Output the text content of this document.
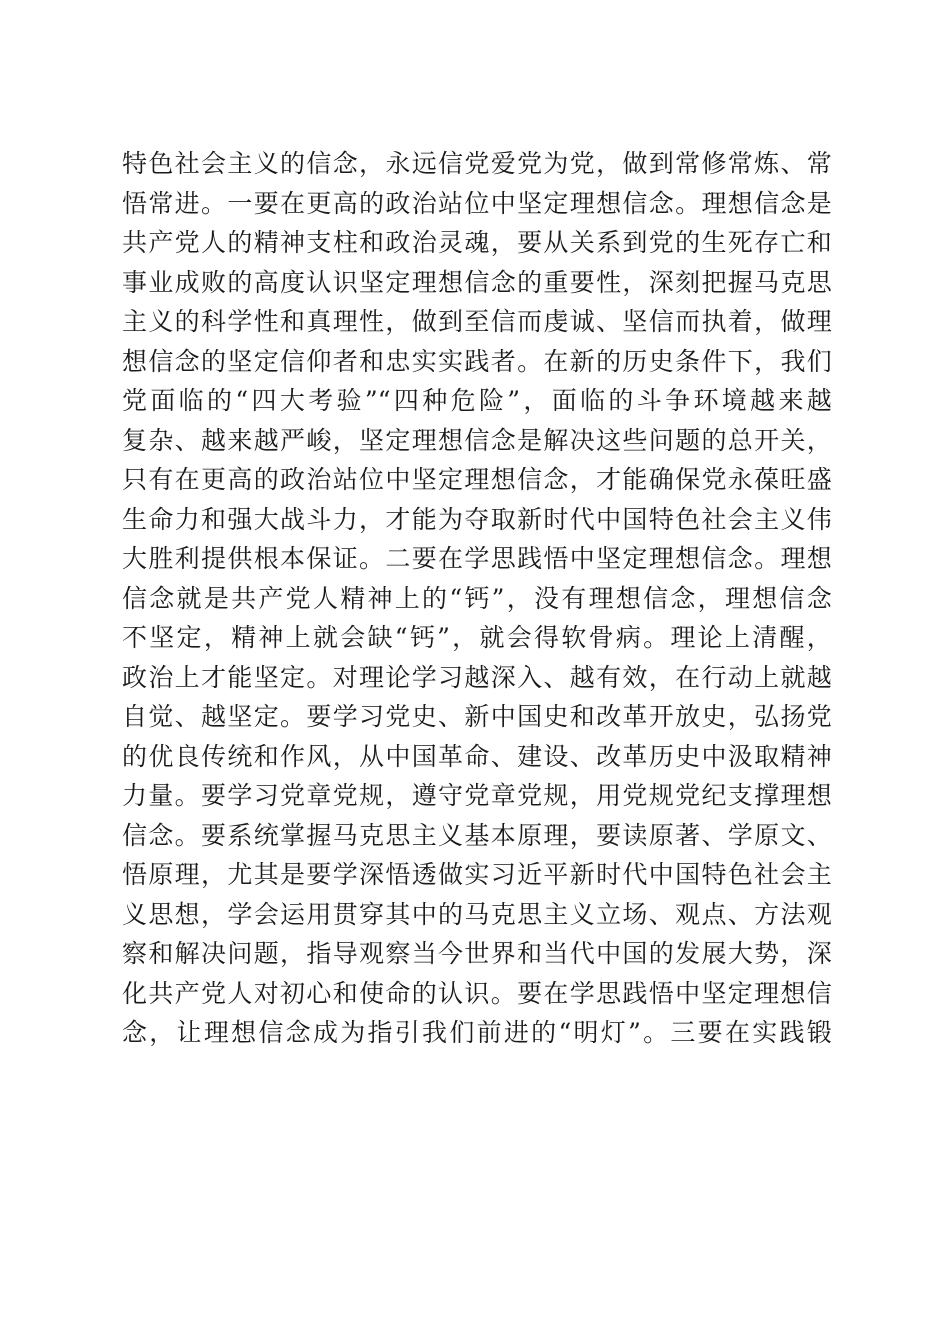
特色社会主义的信念，永远信党爱党为党，做到常修常炼、常
悟常进。一要在更高的政治站位中坚定理想信念。理想信念是
共产党人的精神支柱和政治灵魂，要从关系到党的生死存亡和
事业成败的高度认识坚定理想信念的重要性，深刻把握马克思
主义的科学性和真理性，做到至信而虔诚、坚信而执着，做理
想信念的坚定信仰者和忠实实践者。在新的历史条件下，我们
党面临的“四大考验”“四种危险”，面临的斗争环境越来越
复杂、越来越严峻，坚定理想信念是解决这些问题的总开关，
只有在更高的政治站位中坚定理想信念，才能确保党永葆旺盛
生命力和强大战斗力，才能为夺取新时代中国特色社会主义伟
大胜利提供根本保证。二要在学思践悟中坚定理想信念。理想
信念就是共产党人精神上的“钙”，没有理想信念，理想信念
不坚定，精神上就会缺“钙”，就会得软骨病。理论上清醒，
政治上才能坚定。对理论学习越深入、越有效，在行动上就越
自觉、越坚定。要学习党史、新中国史和改革开放史，弘扬党
的优良传统和作风，从中国革命、建设、改革历史中汲取精神
力量。要学习党章党规，遵守党章党规，用党规党纪支撑理想
信念。要系统掌握马克思主义基本原理，要读原著、学原文、
悟原理，尤其是要学深悟透做实习近平新时代中国特色社会主
义思想，学会运用贯穿其中的马克思主义立场、观点、方法观
察和解决问题，指导观察当今世界和当代中国的发展大势，深
化共产党人对初心和使命的认识。要在学思践悟中坚定理想信
念，让理想信念成为指引我们前进的“明灯”。三要在实践锻
